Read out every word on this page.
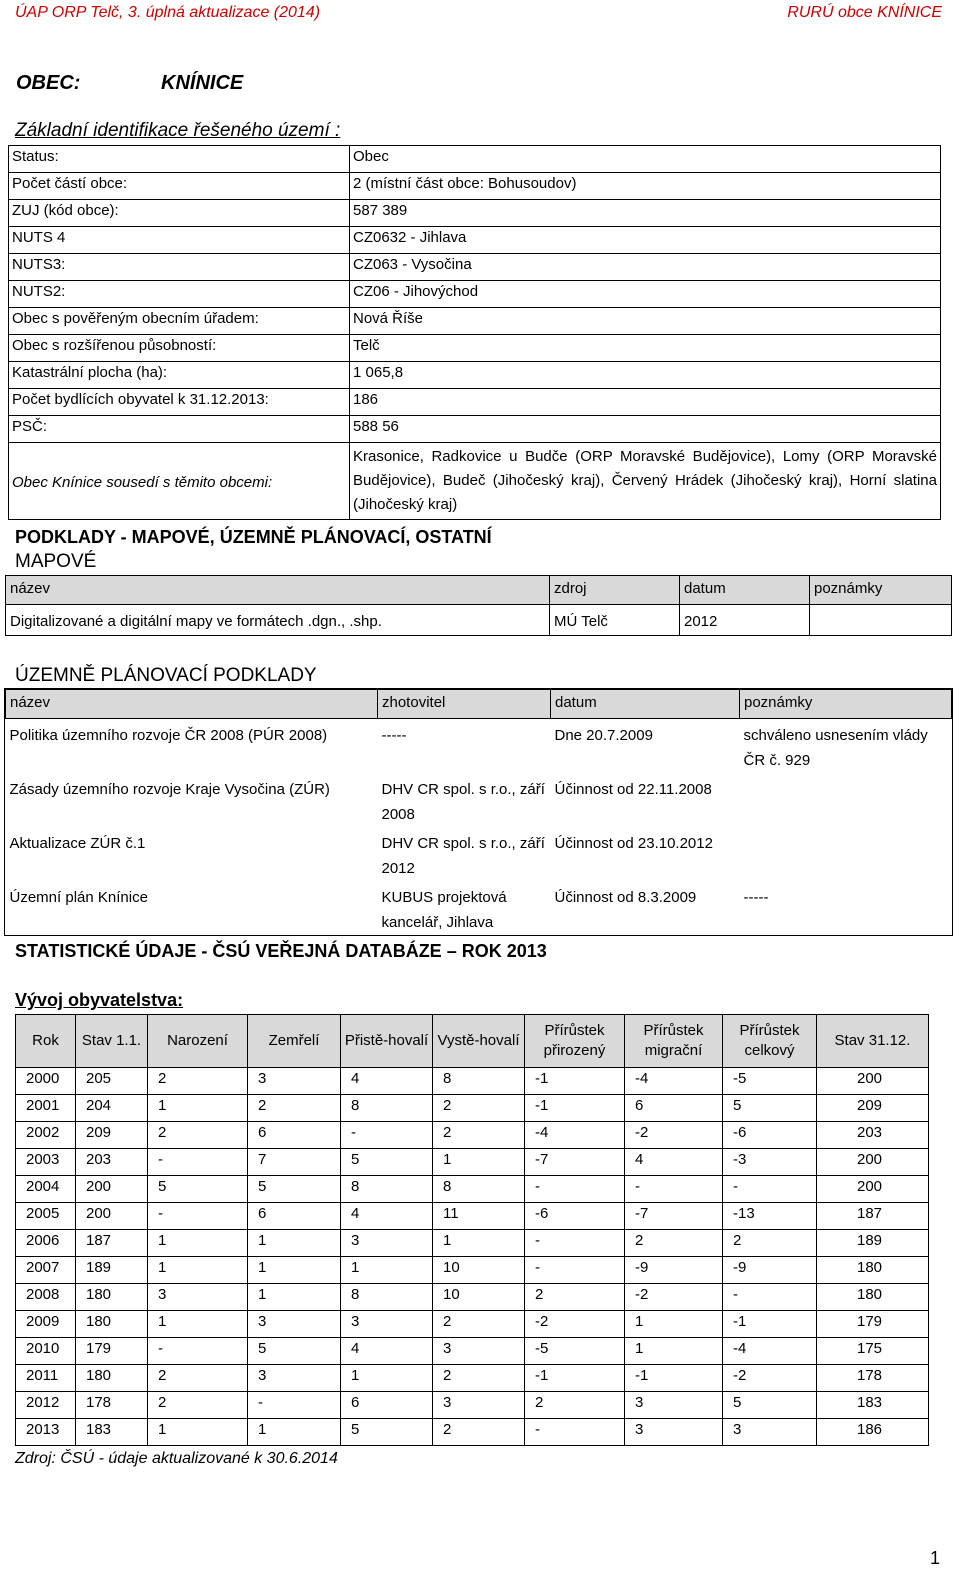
ÚAP ORP Telč, 3. úplná aktualizace (2014)	RURÚ obce KNÍNICE
OBEC:	KNÍNICE
Základní identifikace řešeného území :
Status:	Obec
Počet částí obce:	2 (místní část obce: Bohusoudov)
ZUJ (kód obce):	587 389
NUTS 4	CZ0632 - Jihlava
NUTS3:	CZ063 - Vysočina
NUTS2:	CZ06 - Jihovýchod
Obec s pověřeným obecním úřadem:	Nová Říše
Obec s rozšířenou působností:	Telč
Katastrální plocha (ha):	1 065,8
Počet bydlících obyvatel k 31.12.2013:	186
PSČ:	588 56
Obec Knínice sousedí s těmito obcemi:	Krasonice, Radkovice u Budče (ORP Moravské Budějovice), Lomy (ORP Moravské Budějovice), Budeč (Jihočeský kraj), Červený Hrádek (Jihočeský kraj), Horní slatina (Jihočeský kraj)
PODKLADY - MAPOVÉ, ÚZEMNĚ PLÁNOVACÍ, OSTATNÍ
MAPOVÉ
název	zdroj	datum	poznámky
Digitalizované a digitální mapy ve formátech .dgn., .shp.	MÚ Telč	2012	
ÚZEMNĚ PLÁNOVACÍ PODKLADY
název	zhotovitel	datum	poznámky
Politika územního rozvoje ČR 2008 (PÚR 2008)	-----	Dne 20.7.2009	schváleno usnesením vlády ČR č. 929
Zásady územního rozvoje Kraje Vysočina (ZÚR)	DHV CR spol. s r.o., září 2008	Účinnost od 22.11.2008	
Aktualizace ZÚR č.1	DHV CR spol. s r.o., září 2012	Účinnost od 23.10.2012	
Územní plán Knínice	KUBUS projektová kancelář, Jihlava	Účinnost od 8.3.2009	-----
STATISTICKÉ ÚDAJE - ČSÚ VEŘEJNÁ DATABÁZE – ROK 2013
Vývoj obyvatelstva:
Rok	Stav 1.1.	Narození	Zemřelí	Přistě-hovalí	Vystě-hovalí	Přírůstek přirozený	Přírůstek migrační	Přírůstek celkový	Stav 31.12.
2000	205	2	3	4	8	-1	-4	-5	200
2001	204	1	2	8	2	-1	6	5	209
2002	209	2	6	-	2	-4	-2	-6	203
2003	203	-	7	5	1	-7	4	-3	200
2004	200	5	5	8	8	-	-	-	200
2005	200	-	6	4	11	-6	-7	-13	187
2006	187	1	1	3	1	-	2	2	189
2007	189	1	1	1	10	-	-9	-9	180
2008	180	3	1	8	10	2	-2	-	180
2009	180	1	3	3	2	-2	1	-1	179
2010	179	-	5	4	3	-5	1	-4	175
2011	180	2	3	1	2	-1	-1	-2	178
2012	178	2	-	6	3	2	3	5	183
2013	183	1	1	5	2	-	3	3	186
Zdroj: ČSÚ - údaje aktualizované k 30.6.2014
1
